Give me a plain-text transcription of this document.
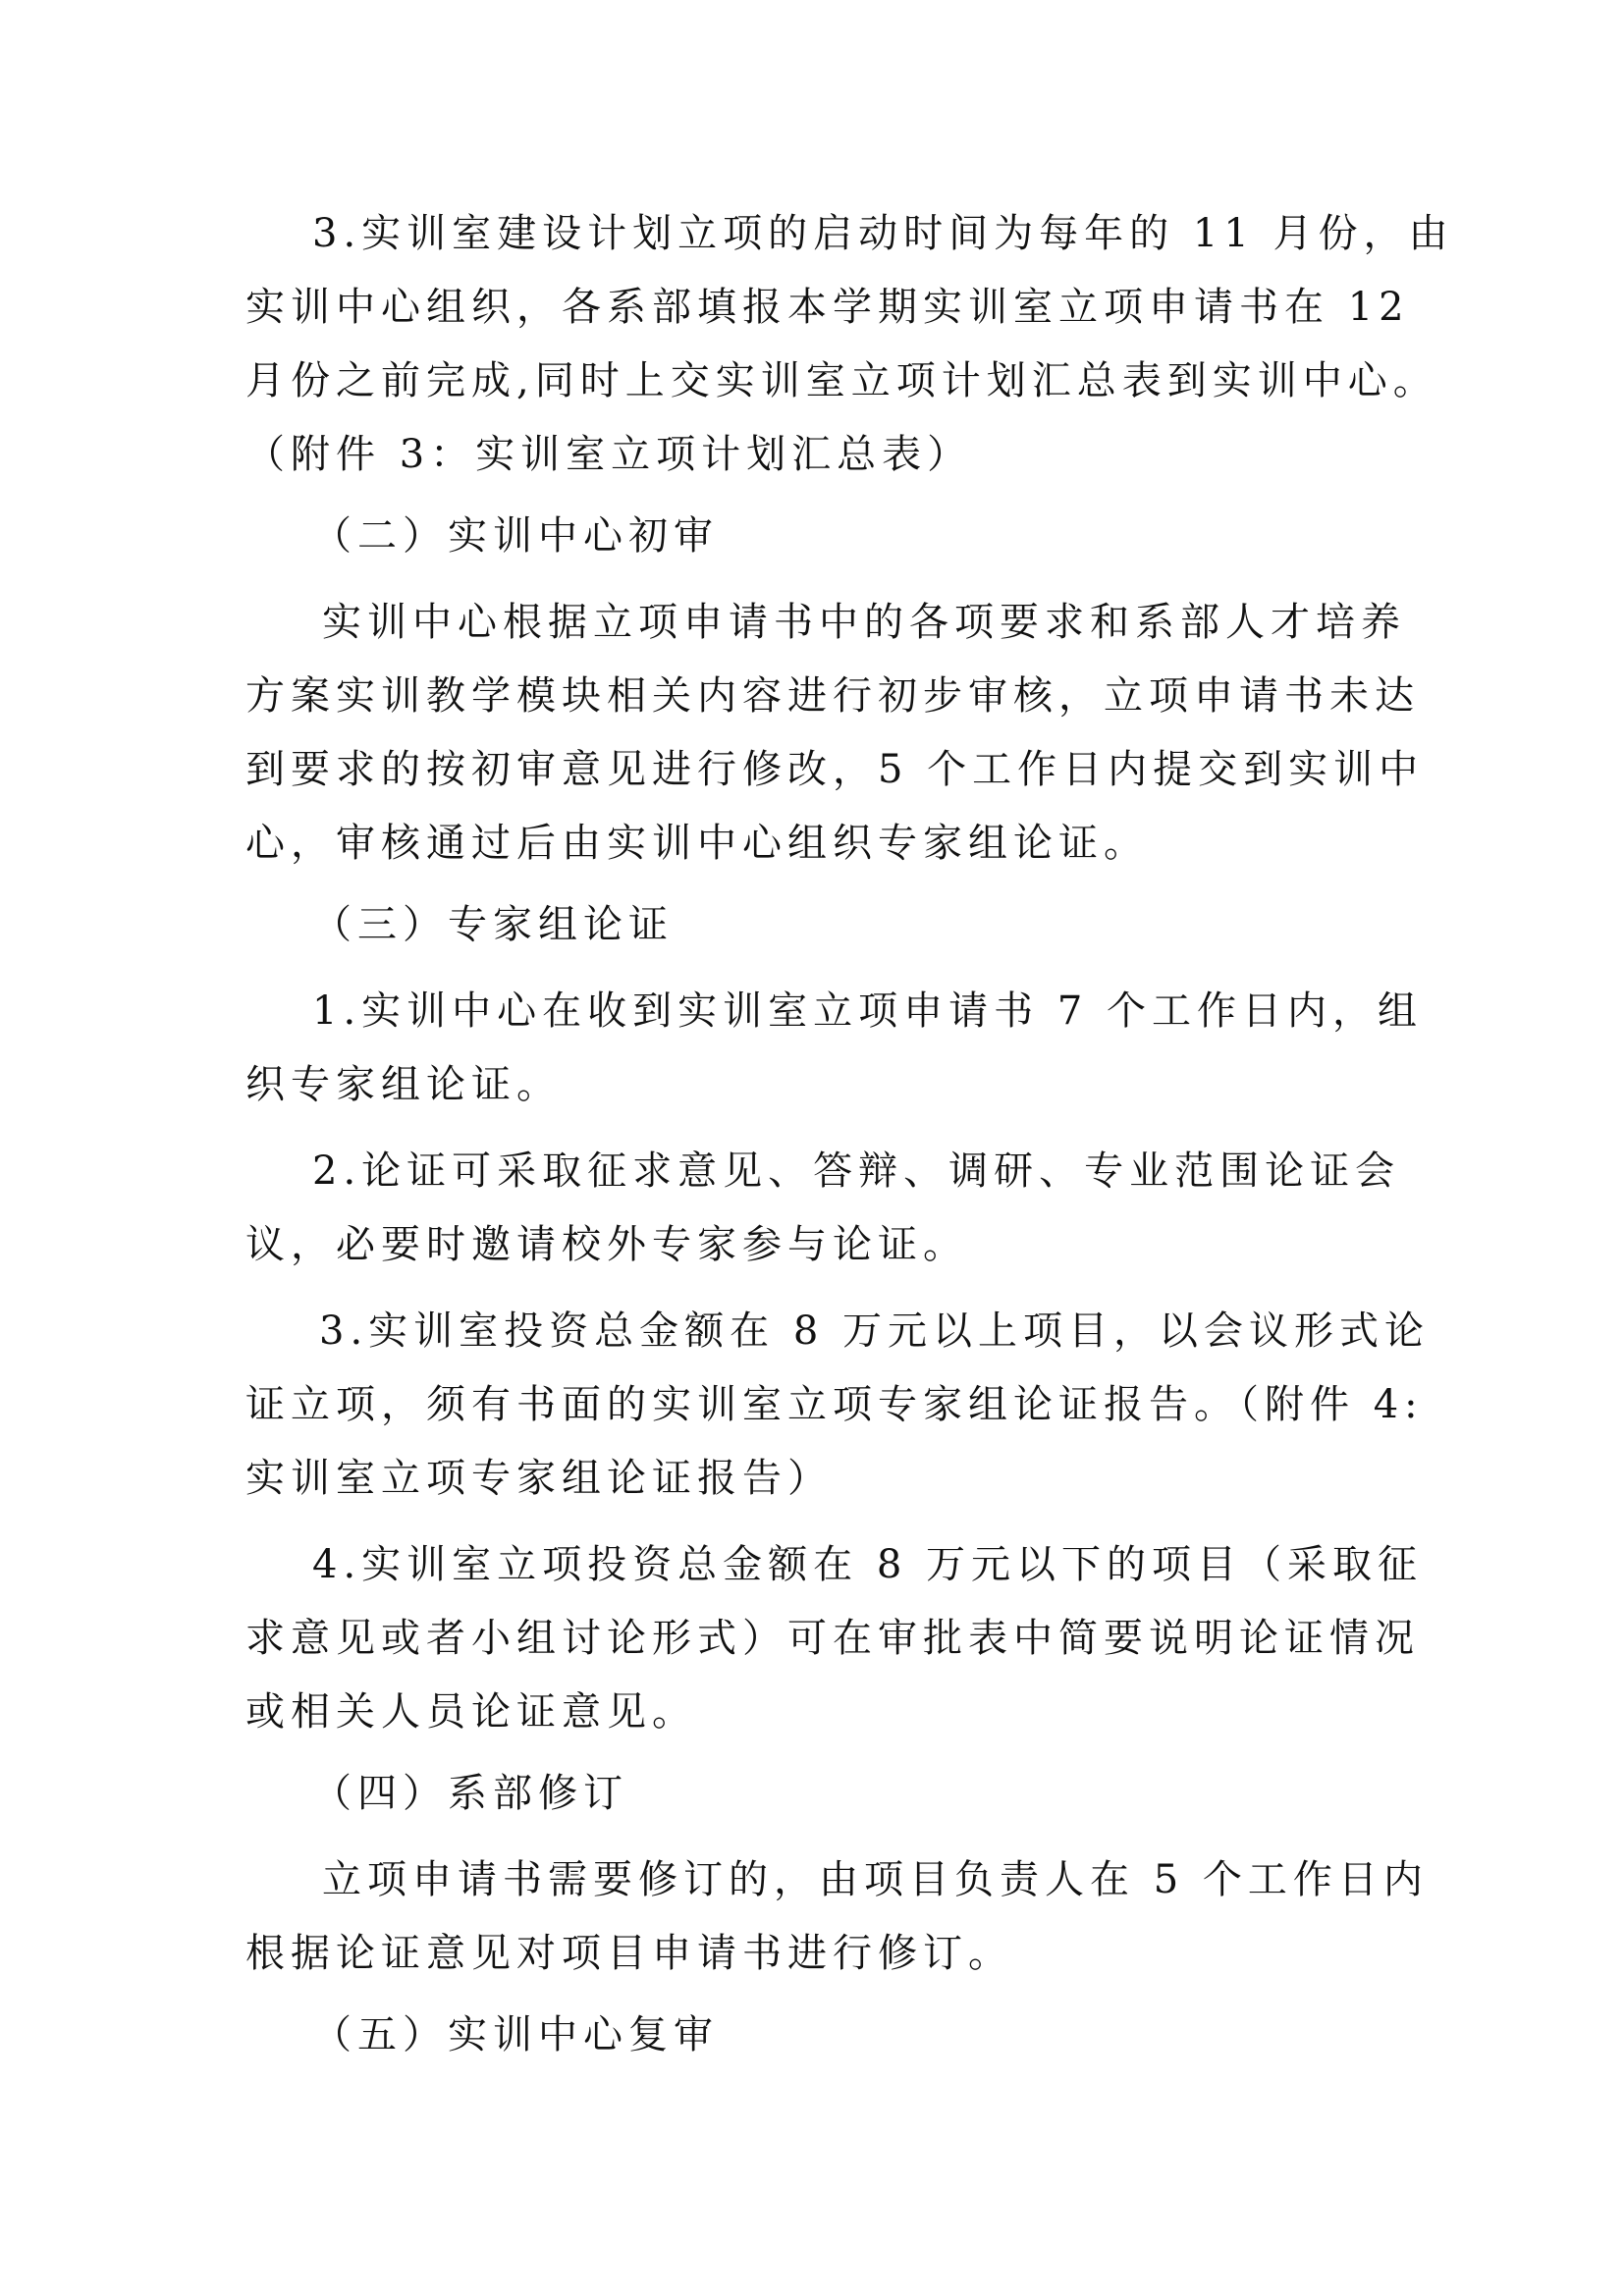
3.实训室建设计划立项的启动时间为每年的 11 月份，由
实训中心组织，各系部填报本学期实训室立项申请书在 12
月份之前完成,同时上交实训室立项计划汇总表到实训中心。
（附件 3：实训室立项计划汇总表）
（二）实训中心初审
实训中心根据立项申请书中的各项要求和系部人才培养
方案实训教学模块相关内容进行初步审核，立项申请书未达
到要求的按初审意见进行修改，5 个工作日内提交到实训中
心，审核通过后由实训中心组织专家组论证。
（三）专家组论证
1.实训中心在收到实训室立项申请书 7 个工作日内，组
织专家组论证。
2.论证可采取征求意见、答辩、调研、专业范围论证会
议，必要时邀请校外专家参与论证。
3.实训室投资总金额在 8 万元以上项目，以会议形式论
证立项，须有书面的实训室立项专家组论证报告。（附件 4:
实训室立项专家组论证报告）
4.实训室立项投资总金额在 8 万元以下的项目（采取征
求意见或者小组讨论形式）可在审批表中简要说明论证情况
或相关人员论证意见。
（四）系部修订
立项申请书需要修订的，由项目负责人在 5 个工作日内
根据论证意见对项目申请书进行修订。
（五）实训中心复审
